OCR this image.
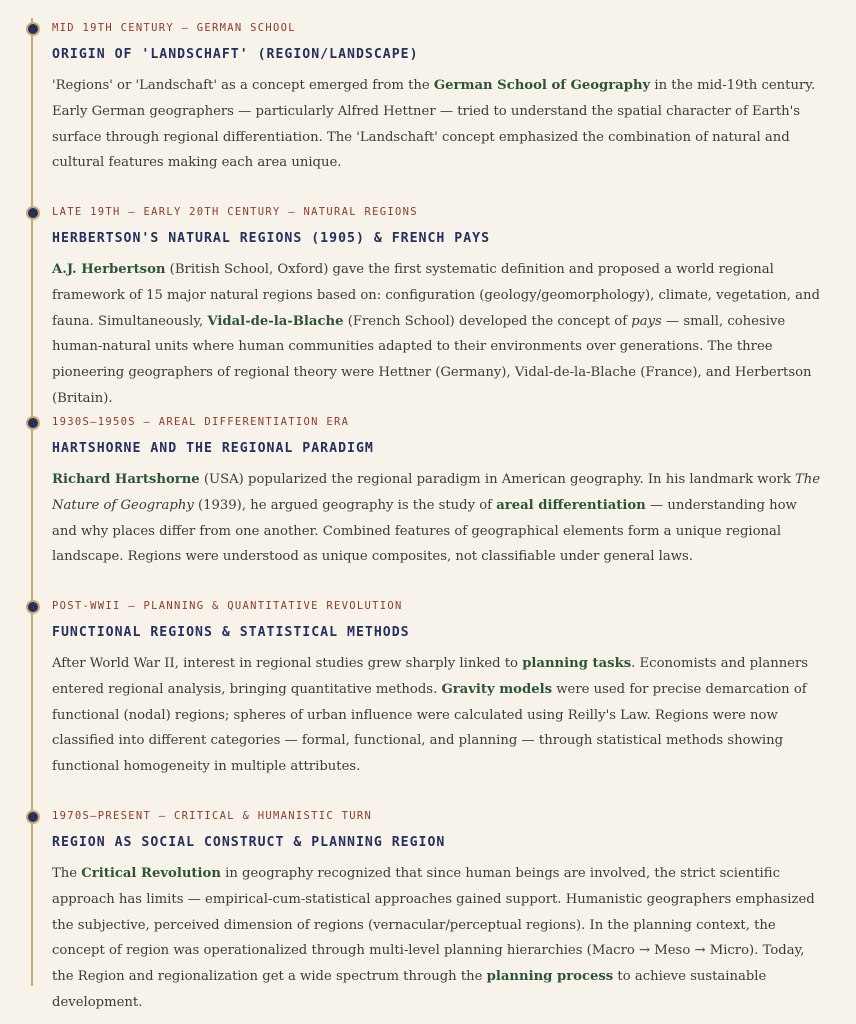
MID 19TH CENTURY — GERMAN SCHOOL
ORIGIN OF 'LANDSCHAFT' (REGION/LANDSCAPE)
'Regions' or 'Landschaft' as a concept emerged from the German School of Geography in the mid-19th century. Early German geographers — particularly Alfred Hettner — tried to understand the spatial character of Earth's surface through regional differentiation. The 'Landschaft' concept emphasized the combination of natural and cultural features making each area unique.
LATE 19TH – EARLY 20TH CENTURY — NATURAL REGIONS
HERBERTSON'S NATURAL REGIONS (1905) & FRENCH PAYS
A.J. Herbertson (British School, Oxford) gave the first systematic definition and proposed a world regional framework of 15 major natural regions based on: configuration (geology/geomorphology), climate, vegetation, and fauna. Simultaneously, Vidal-de-la-Blache (French School) developed the concept of pays — small, cohesive human-natural units where human communities adapted to their environments over generations. The three pioneering geographers of regional theory were Hettner (Germany), Vidal-de-la-Blache (France), and Herbertson (Britain).
1930S–1950S — AREAL DIFFERENTIATION ERA
HARTSHORNE AND THE REGIONAL PARADIGM
Richard Hartshorne (USA) popularized the regional paradigm in American geography. In his landmark work The Nature of Geography (1939), he argued geography is the study of areal differentiation — understanding how and why places differ from one another. Combined features of geographical elements form a unique regional landscape. Regions were understood as unique composites, not classifiable under general laws.
POST-WWII — PLANNING & QUANTITATIVE REVOLUTION
FUNCTIONAL REGIONS & STATISTICAL METHODS
After World War II, interest in regional studies grew sharply linked to planning tasks. Economists and planners entered regional analysis, bringing quantitative methods. Gravity models were used for precise demarcation of functional (nodal) regions; spheres of urban influence were calculated using Reilly's Law. Regions were now classified into different categories — formal, functional, and planning — through statistical methods showing functional homogeneity in multiple attributes.
1970S–PRESENT — CRITICAL & HUMANISTIC TURN
REGION AS SOCIAL CONSTRUCT & PLANNING REGION
The Critical Revolution in geography recognized that since human beings are involved, the strict scientific approach has limits — empirical-cum-statistical approaches gained support. Humanistic geographers emphasized the subjective, perceived dimension of regions (vernacular/perceptual regions). In the planning context, the concept of region was operationalized through multi-level planning hierarchies (Macro → Meso → Micro). Today, the Region and regionalization get a wide spectrum through the planning process to achieve sustainable development.
